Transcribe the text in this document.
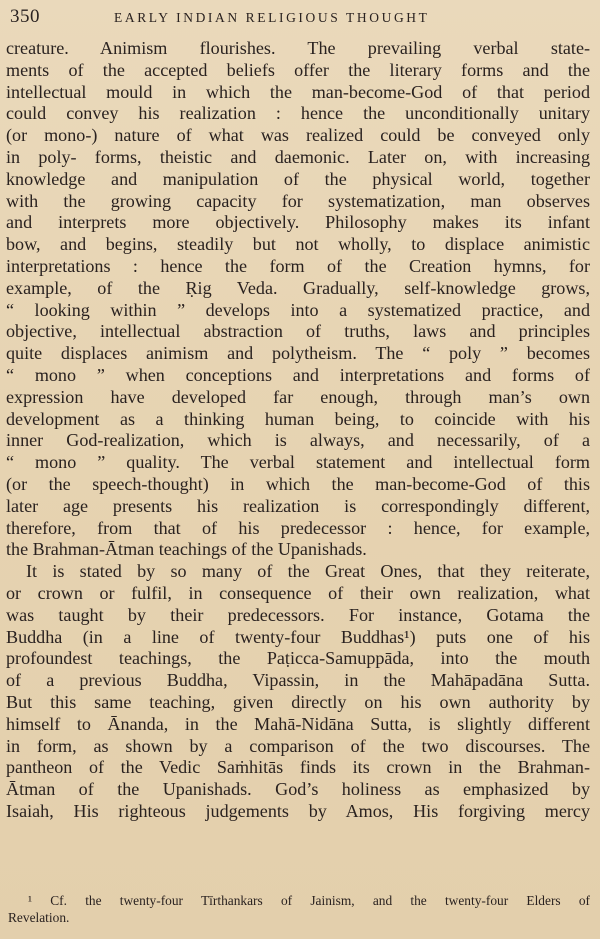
350	EARLY INDIAN RELIGIOUS THOUGHT
creature. Animism flourishes. The prevailing verbal state-
ments of the accepted beliefs offer the literary forms and the
intellectual mould in which the man-become-God of that period
could convey his realization : hence the unconditionally unitary
(or mono-) nature of what was realized could be conveyed only
in poly- forms, theistic and daemonic. Later on, with increasing
knowledge and manipulation of the physical world, together
with the growing capacity for systematization, man observes
and interprets more objectively. Philosophy makes its infant
bow, and begins, steadily but not wholly, to displace animistic
interpretations : hence the form of the Creation hymns, for
example, of the Ṛig Veda. Gradually, self-knowledge grows,
“ looking within ” develops into a systematized practice, and
objective, intellectual abstraction of truths, laws and principles
quite displaces animism and polytheism. The “ poly ” becomes
“ mono ” when conceptions and interpretations and forms of
expression have developed far enough, through man’s own
development as a thinking human being, to coincide with his
inner God-realization, which is always, and necessarily, of a
“ mono ” quality. The verbal statement and intellectual form
(or the speech-thought) in which the man-become-God of this
later age presents his realization is correspondingly different,
therefore, from that of his predecessor : hence, for example,
the Brahman-Ātman teachings of the Upanishads.
It is stated by so many of the Great Ones, that they reiterate,
or crown or fulfil, in consequence of their own realization, what
was taught by their predecessors. For instance, Gotama the
Buddha (in a line of twenty-four Buddhas¹) puts one of his
profoundest teachings, the Paṭicca-Samuppāda, into the mouth
of a previous Buddha, Vipassin, in the Mahāpadāna Sutta.
But this same teaching, given directly on his own authority by
himself to Ānanda, in the Mahā-Nidāna Sutta, is slightly different
in form, as shown by a comparison of the two discourses. The
pantheon of the Vedic Saṁhitās finds its crown in the Brahman-
Ātman of the Upanishads. God’s holiness as emphasized by
Isaiah, His righteous judgements by Amos, His forgiving mercy
¹ Cf. the twenty-four Tīrthankars of Jainism, and the twenty-four Elders of
Revelation.
